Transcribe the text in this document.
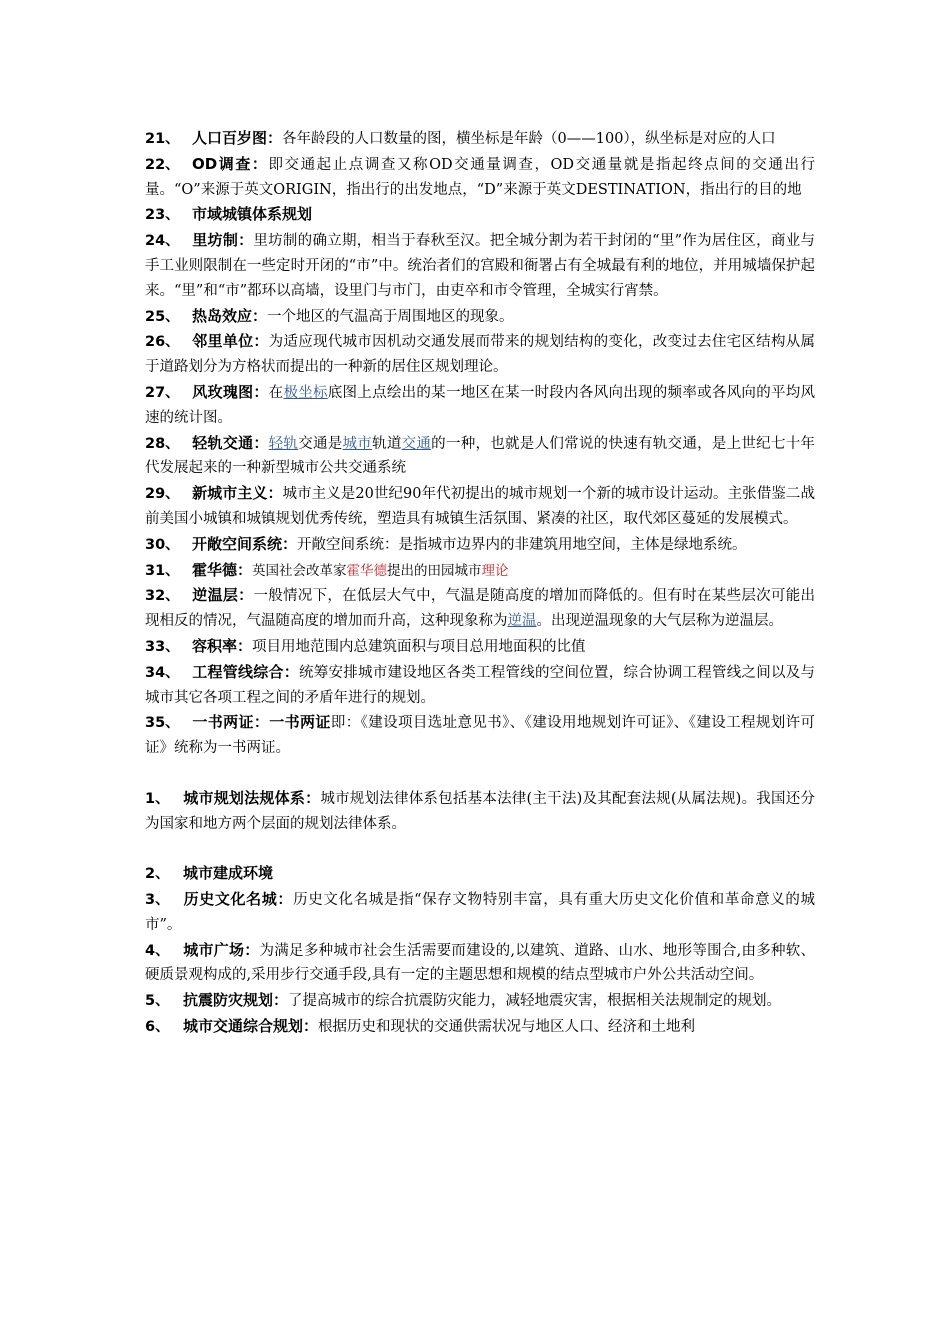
21、 人口百岁图：各年龄段的人口数量的图，横坐标是年龄（0——100），纵坐标是对应的人口
22、 OD调查：即交通起止点调查又称OD交通量调查，OD交通量就是指起终点间的交通出行量。“O”来源于英文ORIGIN，指出行的出发地点，“D”来源于英文DESTINATION，指出行的目的地
23、 市域城镇体系规划
24、 里坊制：里坊制的确立期，相当于春秋至汉。把全城分割为若干封闭的“里”作为居住区，商业与手工业则限制在一些定时开闭的“市”中。统治者们的宫殿和衙署占有全城最有利的地位，并用城墙保护起来。“里”和“市”都环以高墙，设里门与市门，由吏卒和市令管理，全城实行宵禁。
25、 热岛效应：一个地区的气温高于周围地区的现象。
26、 邻里单位：为适应现代城市因机动交通发展而带来的规划结构的变化，改变过去住宅区结构从属于道路划分为方格状而提出的一种新的居住区规划理论。
27、 风玫瑰图：在极坐标底图上点绘出的某一地区在某一时段内各风向出现的频率或各风向的平均风速的统计图。
28、 轻轨交通：轻轨交通是城市轨道交通的一种，也就是人们常说的快速有轨交通，是上世纪七十年代发展起来的一种新型城市公共交通系统
29、 新城市主义：城市主义是20世纪90年代初提出的城市规划一个新的城市设计运动。主张借鉴二战前美国小城镇和城镇规划优秀传统，塑造具有城镇生活氛围、紧凑的社区，取代郊区蔓延的发展模式。
30、 开敞空间系统：开敞空间系统：是指城市边界内的非建筑用地空间，主体是绿地系统。
31、 霍华德：英国社会改革家霍华德提出的田园城市理论
32、 逆温层：一般情况下，在低层大气中，气温是随高度的增加而降低的。但有时在某些层次可能出现相反的情况，气温随高度的增加而升高，这种现象称为逆温。出现逆温现象的大气层称为逆温层。
33、 容积率：项目用地范围内总建筑面积与项目总用地面积的比值
34、 工程管线综合：统筹安排城市建设地区各类工程管线的空间位置，综合协调工程管线之间以及与城市其它各项工程之间的矛盾年进行的规划。
35、 一书两证：一书两证即：《建设项目选址意见书》、《建设用地规划许可证》、《建设工程规划许可证》统称为一书两证。
1、 城市规划法规体系：城市规划法律体系包括基本法律(主干法)及其配套法规(从属法规)。我国还分为国家和地方两个层面的规划法律体系。
2、 城市建成环境
3、 历史文化名城：历史文化名城是指“保存文物特别丰富，具有重大历史文化价值和革命意义的城市”。
4、 城市广场：为满足多种城市社会生活需要而建设的,以建筑、道路、山水、地形等围合,由多种软、硬质景观构成的,采用步行交通手段,具有一定的主题思想和规模的结点型城市户外公共活动空间。
5、 抗震防灾规划：了提高城市的综合抗震防灾能力，减轻地震灾害，根据相关法规制定的规划。
6、 城市交通综合规划：根据历史和现状的交通供需状况与地区人口、经济和土地利
